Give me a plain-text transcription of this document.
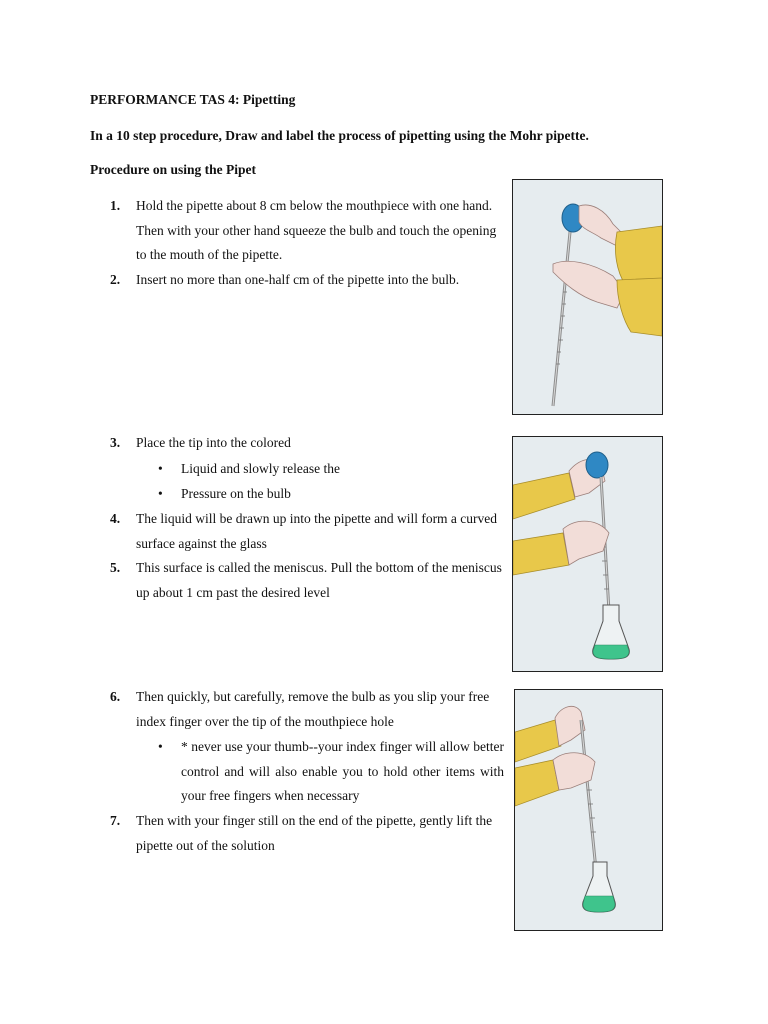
PERFORMANCE TAS 4: Pipetting
In a 10 step procedure, Draw and label the process of pipetting using the Mohr pipette.
Procedure on using the Pipet
1.	Hold the pipette about 8 cm below the mouthpiece with one hand. Then with your other hand squeeze the bulb and touch the opening to the mouth of the pipette.
2.	Insert no more than one-half cm of the pipette into the bulb.
3.	Place the tip into the colored
• Liquid and slowly release the
• Pressure on the bulb
4.	The liquid will be drawn up into the pipette and will form a curved surface against the glass
5.	This surface is called the meniscus. Pull the bottom of the meniscus up about 1 cm past the desired level
6.	Then quickly, but carefully, remove the bulb as you slip your free index finger over the tip of the mouthpiece hole
• * never use your thumb--your index finger will allow better control and will also enable you to hold other items with your free fingers when necessary
7.	Then with your finger still on the end of the pipette, gently lift the pipette out of the solution
